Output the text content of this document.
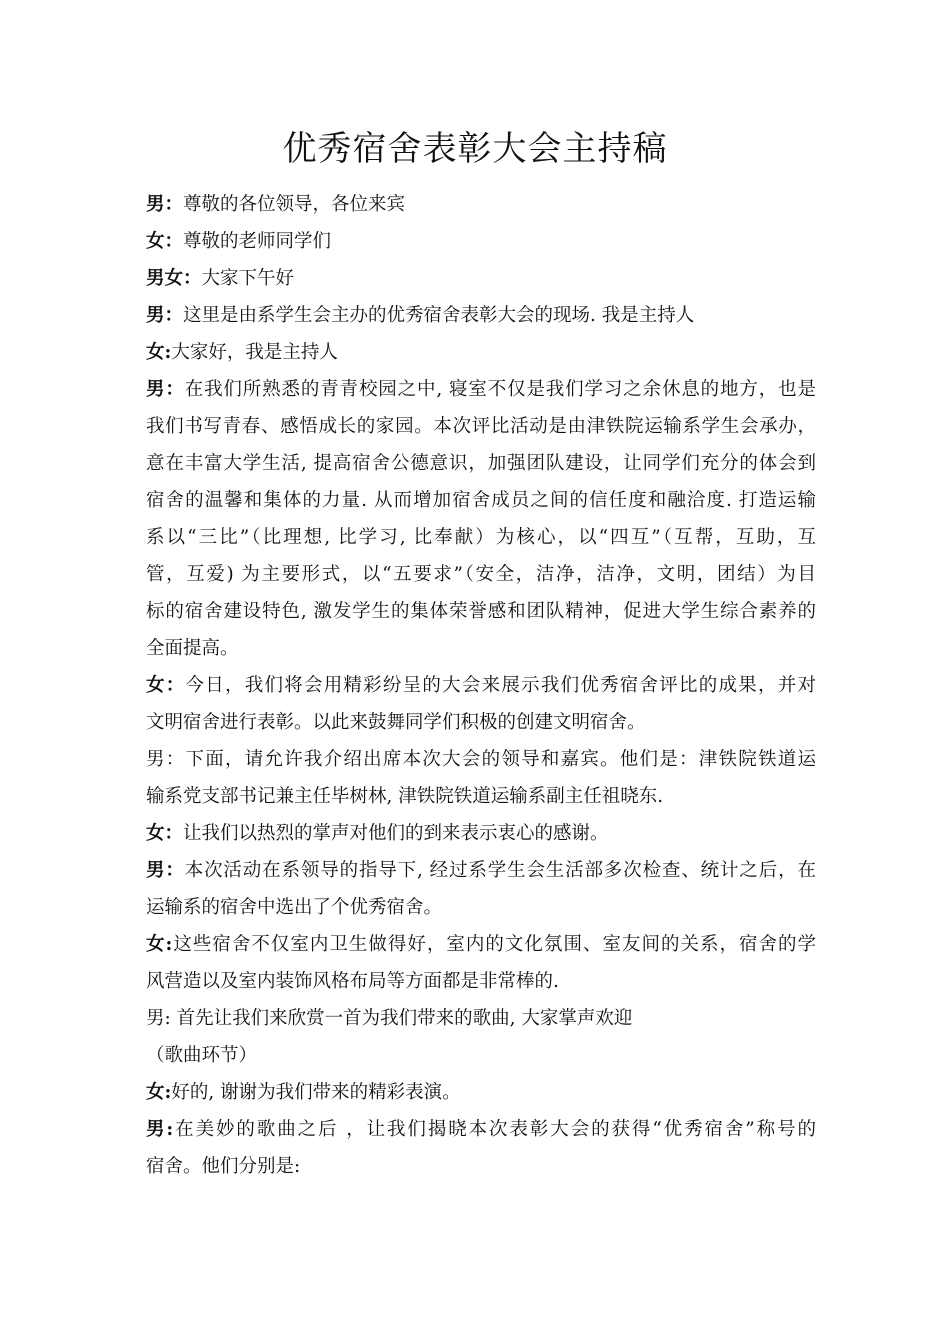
优秀宿舍表彰大会主持稿
男：尊敬的各位领导，各位来宾
女：尊敬的老师同学们
男女：大家下午好
男：这里是由系学生会主办的优秀宿舍表彰大会的现场. 我是主持人
女:大家好，我是主持人
男：在我们所熟悉的青青校园之中, 寝室不仅是我们学习之余休息的地方，也是
我们书写青春、感悟成长的家园。本次评比活动是由津铁院运输系学生会承办，
意在丰富大学生活, 提高宿舍公德意识，加强团队建设，让同学们充分的体会到
宿舍的温馨和集体的力量. 从而增加宿舍成员之间的信任度和融洽度. 打造运输
系以“三比”（比理想, 比学习, 比奉献）为核心，以“四互”（互帮，互助，互
管，互爱) 为主要形式，以“五要求”（安全，洁净，洁净，文明，团结）为目
标的宿舍建设特色, 激发学生的集体荣誉感和团队精神，促进大学生综合素养的
全面提高。
女：今日，我们将会用精彩纷呈的大会来展示我们优秀宿舍评比的成果，并对
文明宿舍进行表彰。以此来鼓舞同学们积极的创建文明宿舍。
男：下面，请允许我介绍出席本次大会的领导和嘉宾。他们是：津铁院铁道运
输系党支部书记兼主任毕树林, 津铁院铁道运输系副主任祖晓东.
女：让我们以热烈的掌声对他们的到来表示衷心的感谢。
男：本次活动在系领导的指导下, 经过系学生会生活部多次检查、统计之后，在
运输系的宿舍中选出了个优秀宿舍。
女:这些宿舍不仅室内卫生做得好，室内的文化氛围、室友间的关系，宿舍的学
风营造以及室内装饰风格布局等方面都是非常棒的.
男: 首先让我们来欣赏一首为我们带来的歌曲, 大家掌声欢迎
（歌曲环节）
女:好的, 谢谢为我们带来的精彩表演。
男:在美妙的歌曲之后 ，让我们揭晓本次表彰大会的获得“优秀宿舍”称号的
宿舍。他们分别是:
